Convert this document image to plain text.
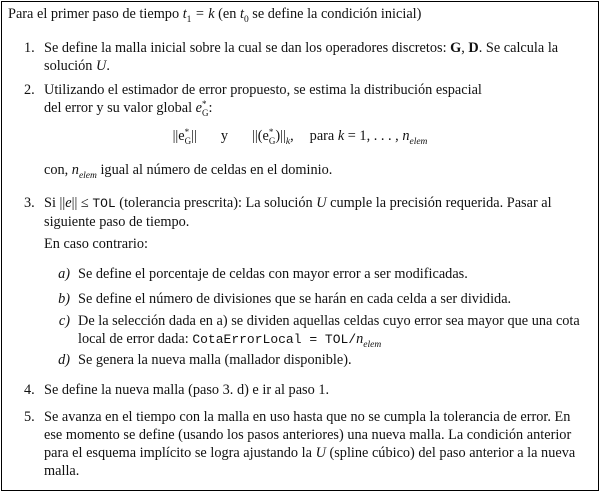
Para el primer paso de tiempo $t_1 = k$ (en $t_0$ se define la condición inicial)
1. Se define la malla inicial sobre la cual se dan los operadores discretos: G, D. Se calcula la
solución U.
2. Utilizando el estimador de error propuesto, se estima la distribución espacial
del error y su valor global e *
G :
||e *
G || y ||(e *
G )$||_k$, para k = 1, . . . , $n_{elem}$
con, $n_{elem}$ igual al número de celdas en el dominio.
3. Si ||e|| ≤ TOL (tolerancia prescrita): La solución U cumple la precisión requerida. Pasar al
siguiente paso de tiempo.
En caso contrario:
a) Se define el porcentaje de celdas con mayor error a ser modificadas.
b) Se define el número de divisiones que se harán en cada celda a ser dividida.
c) De la selección dada en a) se dividen aquellas celdas cuyo error sea mayor que una cota
local de error dada: CotaErrorLocal = TOL/$n_{elem}$
d) Se genera la nueva malla (mallador disponible).
4. Se define la nueva malla (paso 3. d) e ir al paso 1.
5. Se avanza en el tiempo con la malla en uso hasta que no se cumpla la tolerancia de error. En
ese momento se define (usando los pasos anteriores) una nueva malla. La condición anterior
para el esquema implícito se logra ajustando la U (spline cúbico) del paso anterior a la nueva
malla.
